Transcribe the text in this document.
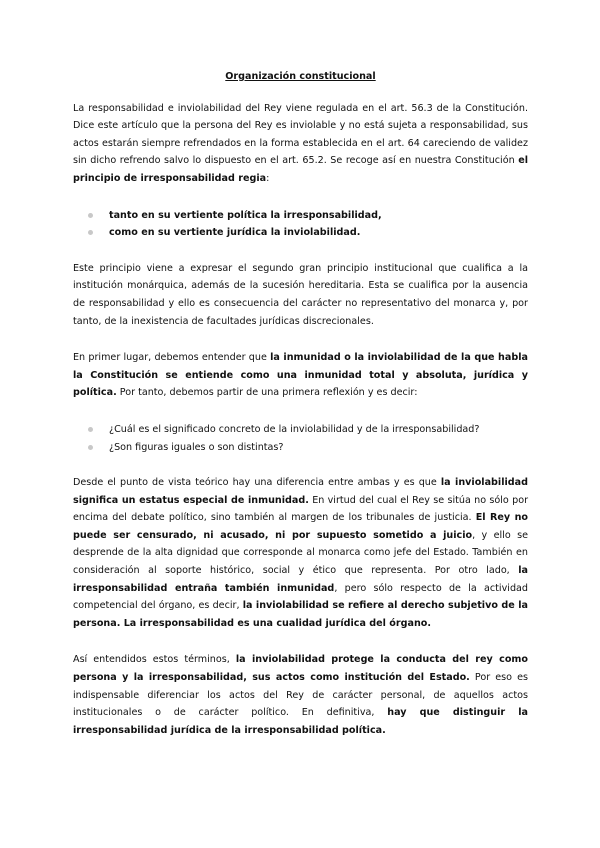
Organización constitucional

La responsabilidad e inviolabilidad del Rey viene regulada en el art. 56.3 de la Constitución. Dice este artículo que la persona del Rey es inviolable y no está sujeta a responsabilidad, sus actos estarán siempre refrendados en la forma establecida en el art. 64 careciendo de validez sin dicho refrendo salvo lo dispuesto en el art. 65.2. Se recoge así en nuestra Constitución el principio de irresponsabilidad regia:

tanto en su vertiente política la irresponsabilidad,
como en su vertiente jurídica la inviolabilidad.

Este principio viene a expresar el segundo gran principio institucional que cualifica a la institución monárquica, además de la sucesión hereditaria. Esta se cualifica por la ausencia de responsabilidad y ello es consecuencia del carácter no representativo del monarca y, por tanto, de la inexistencia de facultades jurídicas discrecionales.

En primer lugar, debemos entender que la inmunidad o la inviolabilidad de la que habla la Constitución se entiende como una inmunidad total y absoluta, jurídica y política. Por tanto, debemos partir de una primera reflexión y es decir:

¿Cuál es el significado concreto de la inviolabilidad y de la irresponsabilidad?
¿Son figuras iguales o son distintas?

Desde el punto de vista teórico hay una diferencia entre ambas y es que la inviolabilidad significa un estatus especial de inmunidad. En virtud del cual el Rey se sitúa no sólo por encima del debate político, sino también al margen de los tribunales de justicia. El Rey no puede ser censurado, ni acusado, ni por supuesto sometido a juicio, y ello se desprende de la alta dignidad que corresponde al monarca como jefe del Estado. También en consideración al soporte histórico, social y ético que representa. Por otro lado, la irresponsabilidad entraña también inmunidad, pero sólo respecto de la actividad competencial del órgano, es decir, la inviolabilidad se refiere al derecho subjetivo de la persona. La irresponsabilidad es una cualidad jurídica del órgano.

Así entendidos estos términos, la inviolabilidad protege la conducta del rey como persona y la irresponsabilidad, sus actos como institución del Estado. Por eso es indispensable diferenciar los actos del Rey de carácter personal, de aquellos actos institucionales o de carácter político. En definitiva, hay que distinguir la irresponsabilidad jurídica de la irresponsabilidad política.
